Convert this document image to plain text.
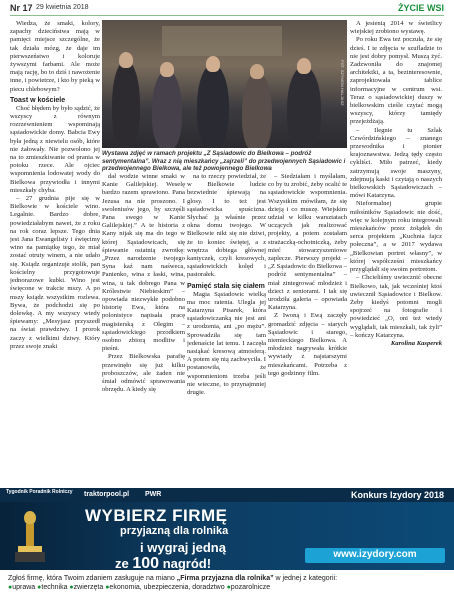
Nr 17 29 kwietnia 2018	ŻYCIE WSI

Wiedza, że smaki, kolory, zapachy dzieciństwa mają w pamięci miejsce szczególne, że tak działa mózg, że daje im pierwszeństwo i koloruje żywszymi farbami. Ale może mają rację, bo to dziś i nawożenie inne, i powietrze, i kto by pieką w piecu chlebowym?

Toast w kościele

Choć błędem by było sądzić, że wszyscy z równym rozrzewnieniem wspominają sąsiadowickie domy. Babcia Ewy była jedną z niewielu osób, które nie żałowały. Nie pozwolono jej na to zmieszkiwanie od prania w potoku rzece. Ale ojciec wspomnienia lodowatej wody do Bielkowa przywiodła i innymi mieszkały chyba.

– 27 grudnia pije się w Bielkowie w kościele wino. Legalnie. Bardzo dobre, powiedziałabym nawet, że z roku na rok coraz lepsze. Tego dnia jest Jana Ewangelisty i święcimy wino na pamiątkę tego, że miał zostać otruty winem, a nie udało się. Ksiądz organizuje stolik, pan kościelny przygotowuje jednorazowe kubki. Wino jest święcone w trakcie mszy. A po mszy ksiądz wszystkim rozlewa. Bywa, że podchodzi się po dolewkę. A my wszyscy wtedy śpiewamy: „Mesyjasz przyszedł na świat prawdziwy. I prorok zaczy z wielkimi dziwy. Który przez swoje znaki

FOT. SZYMON HALJASZ
Wystawa zdjęć w ramach projektu „Z Sąsiadowic do Bielkowa – podróż sentymentalna”. Wraz z nią mieszkańcy „zajrzeli” do przedwojennych Sąsiadowic i przedwojennego Bielkowa, ale też powojennego Bielkowa

dał wodzie winne smaki w Kanie Galilejskiej. Weselę bardzo razem sprawiono. Pana Jezusa na nie proszono. I swoleniuów jego, by szczęśli Pana swego w Kanie Galilejskiej.” A te historia z Kany nijak się ma do tego w której Sąsiadowicach, się śpiewanie ostatnią zwrotkę: „Przez narodzenie twojego Syna kaź nam naśweca, Panienko, wina z łaski, wina, wina, u tak dobrego Pana w Królestwie Niebieskim” – opowiada niezwykłe podobno historię Ewa, która na polonistyce napisała pracę magisterską z Olegim – sąsiadowickiego przodkiem osobno zbiorą modlitw i pieśni.

Przez Bielkowska parafię przewinęło się już kilku proboszczów, ale żaden nie śmiał odmówić sprawowania obrzędu. A kiedy się

na to rzeczy powiedział, że w Bielkowie ludzie bezwiednie śpiewają na glosy. I to też jest sąsiadowicka spuścizna. Słychać ją właśnie przez okna domu twojego. W Bielkowie nikt się nie dziwi, że to koniec świętej, a z wnętrza dobiega głównej kantyczek, czyli kresowych, sąsiadowickich kolęd i pastorałek.

Pamięć stała się ciałem

Magia Sąsiadowic wielką ma moc ratenia. Ulegla jej Katarzyna Pisarek, która sąsiadowiczanką nie jest ani z urodzenia, ani „po mężu”. Sprowadziła się tam jedenaście lat temu. I zaczęła nasiąkać kresową atmosferą. A potem się nią zachwyciła. I postanowiła, że wspomnieniom trzeba jeśli nie wieczne, to przynajmniej drugie.

– Siedziałam i myślałam, co by tu zrobić, żeby ocalić te sąsiadowickie wspomnienia. Wszystkim mówiłam, że się dzieją i co muszę. Wiejskim udział w kilku warsztatach uczących jak realizować projekty, a potem zostałam strażaczką-ochotniczką, żeby mieć stowarzyszeniowe zaplecze. Pierwszy projekt – „Z Sąsiadowic do Bielkowa – podróż sentymentalna” – miał zintegrować młodzież i dzieci z seniorami. I tak się urodziła galeria – opowiada Katarzyna.

Z Iwoną i Ewą zaczęły gromadzić zdjęcia – starych Sąsiadowic i starego, niemieckiego Bielkowa. A młodzież nagrywała krótkie wywiady z najstarszymi mieszkańcami. Potrzeba z tego godzinny film.

A jesienią 2014 w świetlicy wiejskiej zrobiono wystawę.

Po roku Ewa też poczuła, że się dzieś. I te zdjęcia w szufladzie to nie jest dobry pomysł. Muszą żyć. Zadzwoniła do znajomej architektki, a ta, bezinteresownie, zaprojektowała tablice informacyjne w centrum wsi. Teraz o sąsiadowickiej duszy w bielkowskim cieśle czytać mogą wszyscy, którzy tamtędy przejeżdżają.

– Ilegnie tu Szlak Czwórdzińskiego – znanego przewodnika i pionier krajoznawstwa. Jedzą tędy często cykliści. Miło patrzeć, kiedy zatrzymują swoje maszyny, zdejmują kaski i czytają o naszych bielkowskich Sąsiadowiczach – mówi Katarzyna.

Nieformalnej grupie miłośników Sąsiadowic nie dość, więc w kolejnym roku integrowali mieszkańców przez żołądek do serca projektem „Kuchnia fajcz połeczna”, a w 2017 wydawa „Bielkowian portret własny”, w której współcześni mieszkańcy przyglądali się swoim portretom.

– Chcieliśmy uwiecznić obecne Bielkowo, tak, jak wcześniej ktoś uwiecznił Sąsiadowice i Bielkow. Żeby kiedyś potomni mogli spojrzeć na fotografie i powiedzieć „O, oni też wtedy wyglądali, tak mieszkali, tak żyli” – kończy Katarzyna.

Karolina Kasperek

Tygodnik Poradnik Rolniczy	traktorpool.pl PWR	Konkurs Izydory 2018
WYBIERZ FIRMĘ
przyjazną dla rolnika
www.izydory.com
i wygraj jedną
ze 100 nagród!
Zgłoś firmę, która Twoim zdaniem zasługuje na miano „Firma przyjazna dla rolnika” w jednej z kategorii:
●uprawa ●technika ●zwierzęta ●ekonomia, ubezpieczenia, doradztwo ●pozarolnicze
